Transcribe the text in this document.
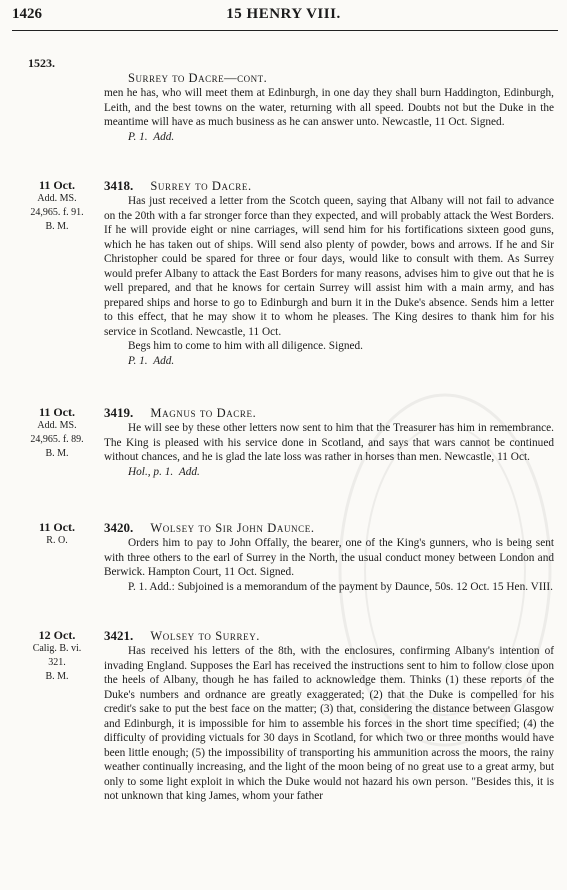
1426	15 HENRY VIII.
1523.
Surrey to Dacre—cont.

men he has, who will meet them at Edinburgh, in one day they shall burn Haddington, Edinburgh, Leith, and the best towns on the water, returning with all speed. Doubts not but the Duke in the meantime will have as much business as he can answer unto. Newcastle, 11 Oct. Signed.

P. 1. Add.

11 Oct.
Add. MS.
24,965. f. 91.
B. M.
3418. Surrey to Dacre.

Has just received a letter from the Scotch queen, saying that Albany will not fail to advance on the 20th with a far stronger force than they expected, and will probably attack the West Borders. If he will provide eight or nine carriages, will send him for his fortifications sixteen good guns, which he has taken out of ships. Will send also plenty of powder, bows and arrows. If he and Sir Christopher could be spared for three or four days, would like to consult with them. As Surrey would prefer Albany to attack the East Borders for many reasons, advises him to give out that he is well prepared, and that he knows for certain Surrey will assist him with a main army, and has prepared ships and horse to go to Edinburgh and burn it in the Duke's absence. Sends him a letter to this effect, that he may show it to whom he pleases. The King desires to thank him for his service in Scotland. Newcastle, 11 Oct.

Begs him to come to him with all diligence. Signed.

P. 1. Add.

11 Oct.
Add. MS.
24,965. f. 89.
B. M.
3419. Magnus to Dacre.

He will see by these other letters now sent to him that the Treasurer has him in remembrance. The King is pleased with his service done in Scotland, and says that wars cannot be continued without chances, and he is glad the late loss was rather in horses than men. Newcastle, 11 Oct.

Hol., p. 1. Add.

11 Oct.
R. O.
3420. Wolsey to Sir John Daunce.

Orders him to pay to John Offally, the bearer, one of the King's gunners, who is being sent with three others to the earl of Surrey in the North, the usual conduct money between London and Berwick. Hampton Court, 11 Oct. Signed.

P. 1. Add.: Subjoined is a memorandum of the payment by Daunce, 50s. 12 Oct. 15 Hen. VIII.

12 Oct.
Calig. B. vi.
321.
B. M.
3421. Wolsey to Surrey.

Has received his letters of the 8th, with the enclosures, confirming Albany's intention of invading England. Supposes the Earl has received the instructions sent to him to follow close upon the heels of Albany, though he has failed to acknowledge them. Thinks (1) these reports of the Duke's numbers and ordnance are greatly exaggerated; (2) that the Duke is compelled for his credit's sake to put the best face on the matter; (3) that, considering the distance between Glasgow and Edinburgh, it is impossible for him to assemble his forces in the short time specified; (4) the difficulty of providing victuals for 30 days in Scotland, for which two or three months would have been little enough; (5) the impossibility of transporting his ammunition across the moors, the rainy weather continually increasing, and the light of the moon being of no great use to a great army, but only to some light exploit in which the Duke would not hazard his own person. "Besides this, it is not unknown that king James, whom your father
